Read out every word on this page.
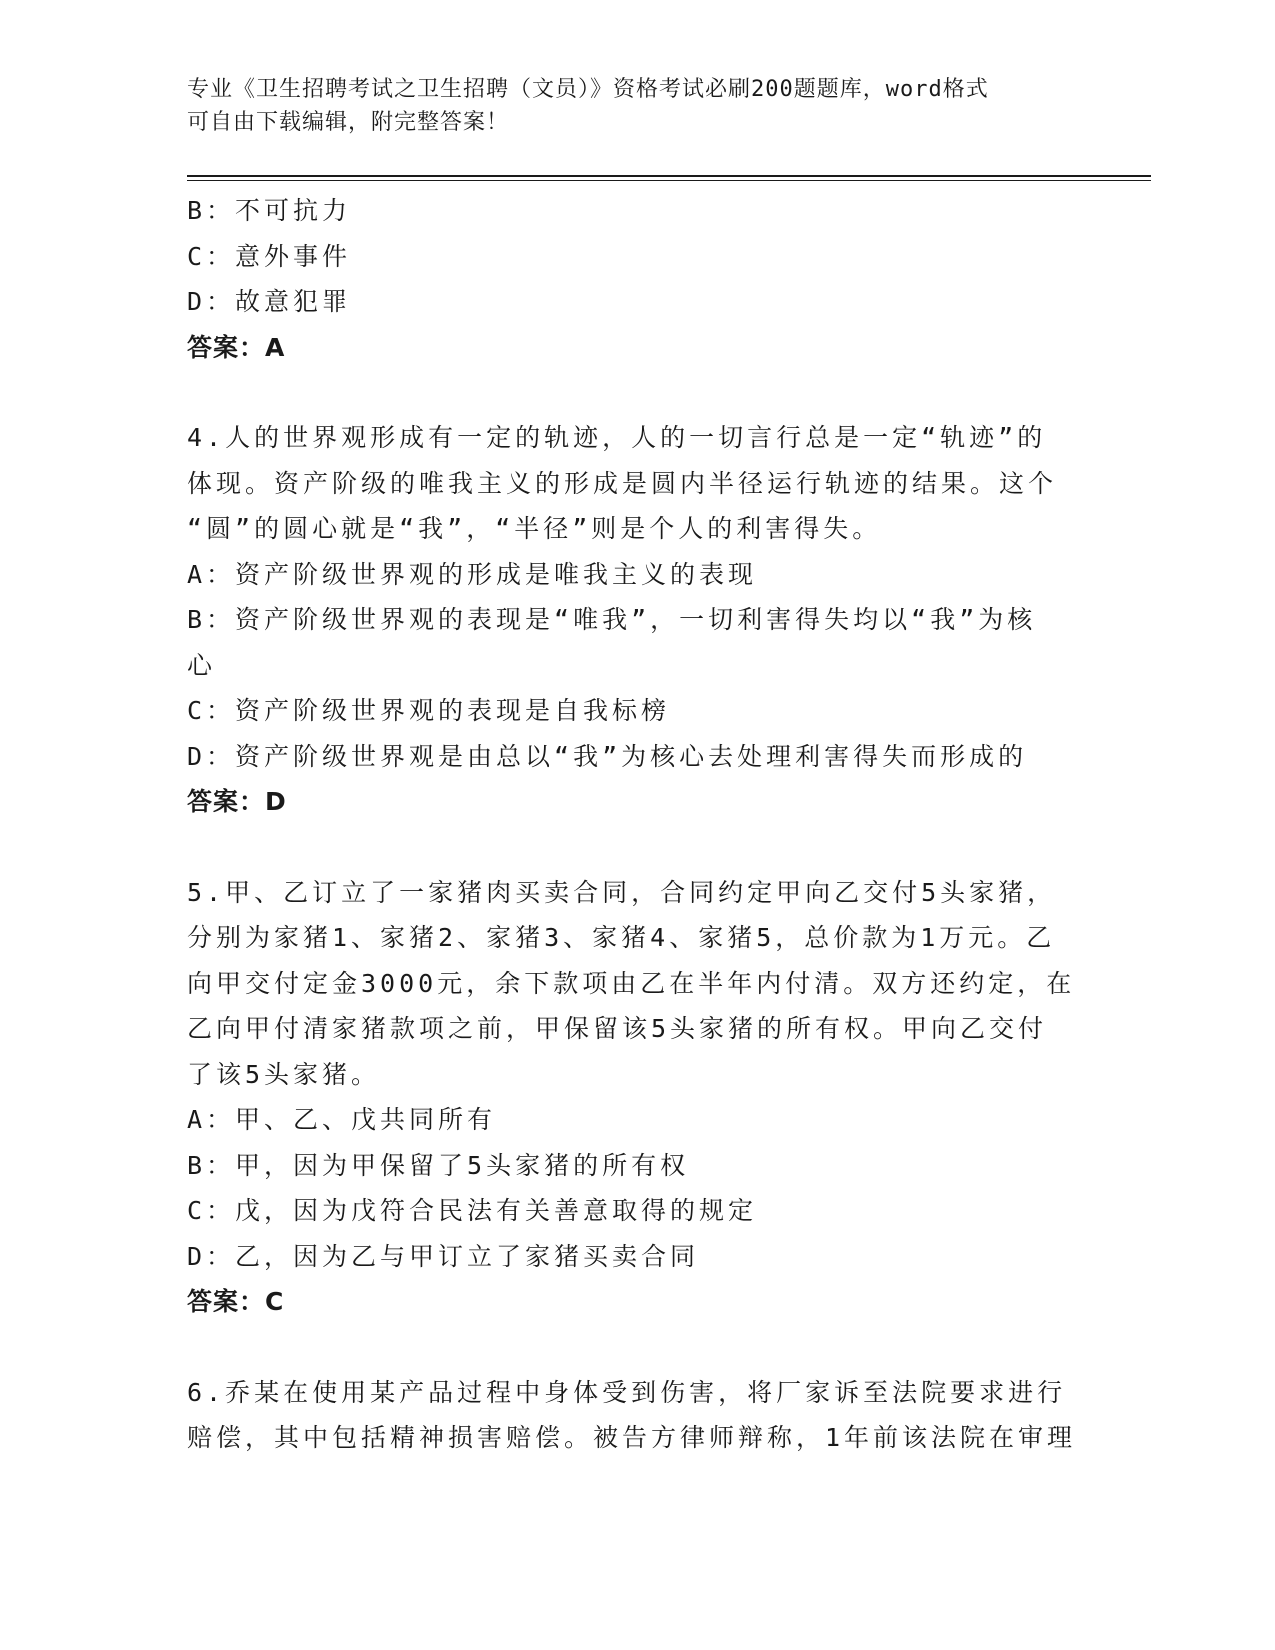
专业《卫生招聘考试之卫生招聘（文员）》资格考试必刷200题题库，word格式
可自由下载编辑，附完整答案！
B：不可抗力
C：意外事件
D：故意犯罪
答案：A
4.人的世界观形成有一定的轨迹，人的一切言行总是一定“轨迹”的
体现。资产阶级的唯我主义的形成是圆内半径运行轨迹的结果。这个
“圆”的圆心就是“我”，“半径”则是个人的利害得失。
A：资产阶级世界观的形成是唯我主义的表现
B：资产阶级世界观的表现是“唯我”，一切利害得失均以“我”为核
心
C：资产阶级世界观的表现是自我标榜
D：资产阶级世界观是由总以“我”为核心去处理利害得失而形成的
答案：D
5.甲、乙订立了一家猪肉买卖合同，合同约定甲向乙交付5头家猪，
分别为家猪1、家猪2、家猪3、家猪4、家猪5，总价款为1万元。乙
向甲交付定金3000元，余下款项由乙在半年内付清。双方还约定，在
乙向甲付清家猪款项之前，甲保留该5头家猪的所有权。甲向乙交付
了该5头家猪。
A：甲、乙、戊共同所有
B：甲，因为甲保留了5头家猪的所有权
C：戊，因为戊符合民法有关善意取得的规定
D：乙，因为乙与甲订立了家猪买卖合同
答案：C
6.乔某在使用某产品过程中身体受到伤害，将厂家诉至法院要求进行
赔偿，其中包括精神损害赔偿。被告方律师辩称，1年前该法院在审理
